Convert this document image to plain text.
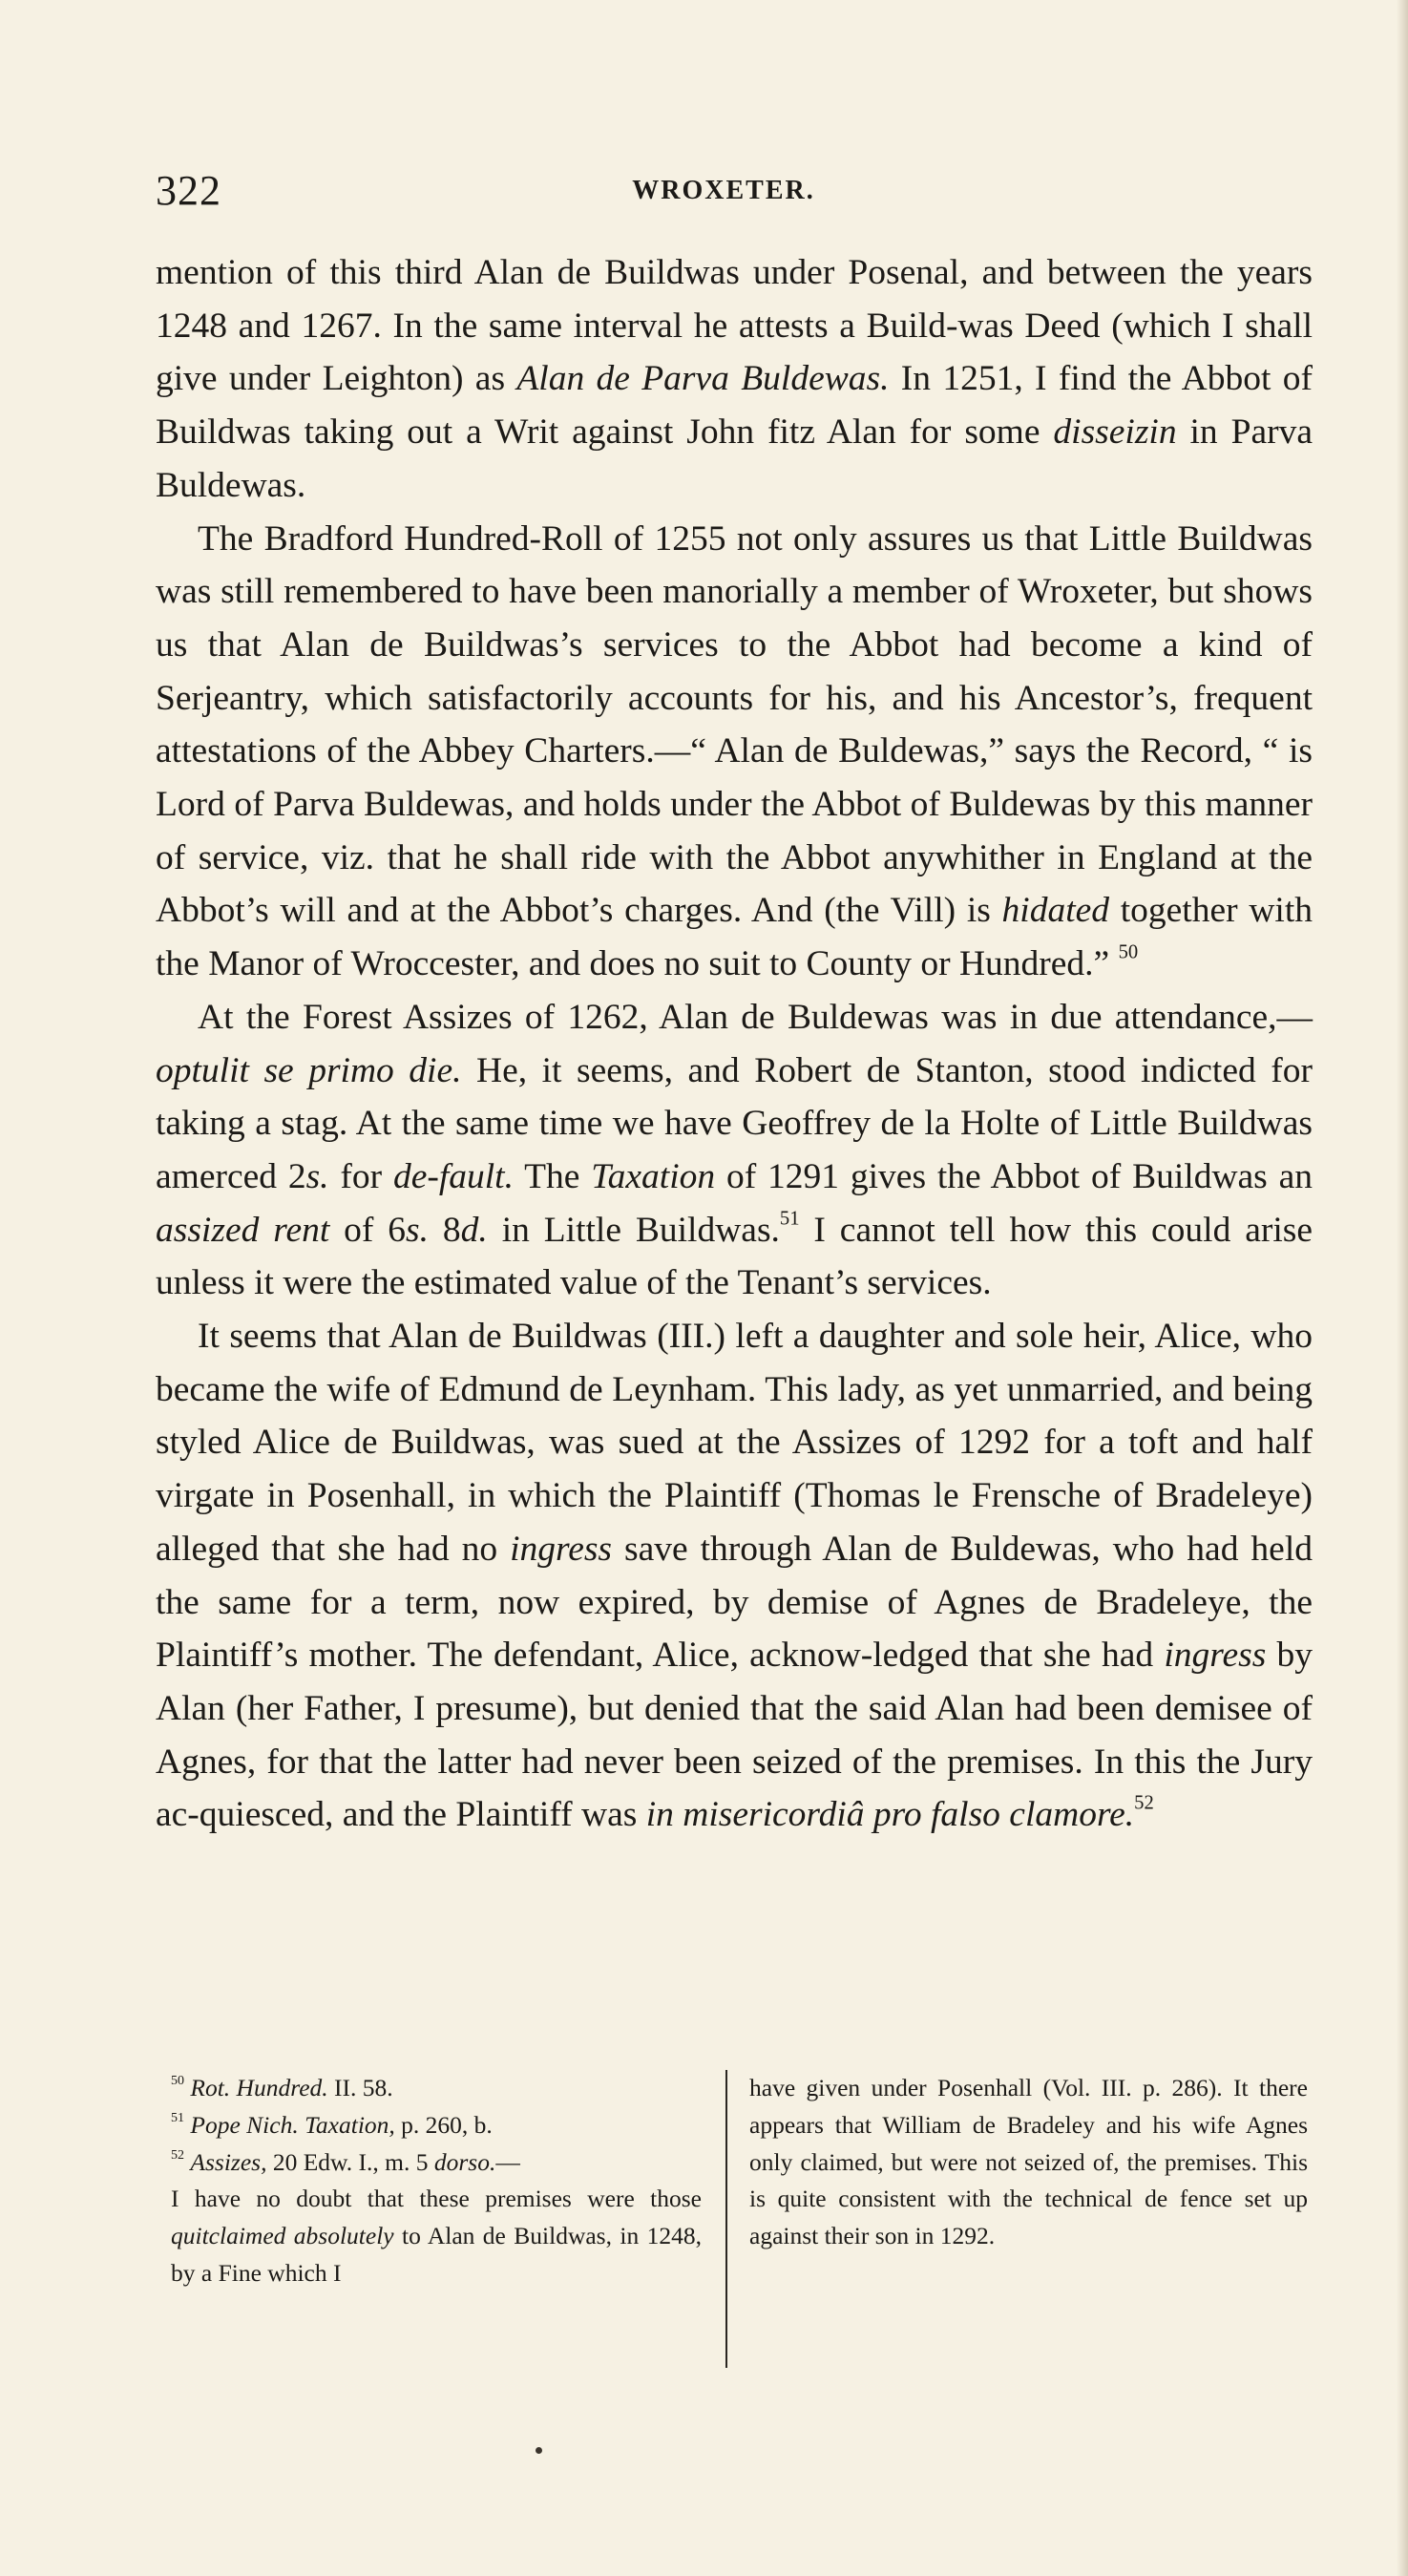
322	WROXETER.

mention of this third Alan de Buildwas under Posenal, and between the years 1248 and 1267. In the same interval he attests a Build-was Deed (which I shall give under Leighton) as Alan de Parva Buldewas. In 1251, I find the Abbot of Buildwas taking out a Writ against John fitz Alan for some disseizin in Parva Buldewas.

The Bradford Hundred-Roll of 1255 not only assures us that Little Buildwas was still remembered to have been manorially a member of Wroxeter, but shows us that Alan de Buildwas’s services to the Abbot had become a kind of Serjeantry, which satisfactorily accounts for his, and his Ancestor’s, frequent attestations of the Abbey Charters.—“ Alan de Buldewas,” says the Record, “ is Lord of Parva Buldewas, and holds under the Abbot of Buldewas by this manner of service, viz. that he shall ride with the Abbot anywhither in England at the Abbot’s will and at the Abbot’s charges. And (the Vill) is hidated together with the Manor of Wroccester, and does no suit to County or Hundred.” $^{50}$

At the Forest Assizes of 1262, Alan de Buldewas was in due attendance,—optulit se primo die. He, it seems, and Robert de Stanton, stood indicted for taking a stag. At the same time we have Geoffrey de la Holte of Little Buildwas amerced 2s. for de-fault. The Taxation of 1291 gives the Abbot of Buildwas an assized rent of 6s. 8d. in Little Buildwas.$^{51}$ I cannot tell how this could arise unless it were the estimated value of the Tenant’s services.

It seems that Alan de Buildwas (III.) left a daughter and sole heir, Alice, who became the wife of Edmund de Leynham. This lady, as yet unmarried, and being styled Alice de Buildwas, was sued at the Assizes of 1292 for a toft and half virgate in Posenhall, in which the Plaintiff (Thomas le Frensche of Bradeleye) alleged that she had no ingress save through Alan de Buldewas, who had held the same for a term, now expired, by demise of Agnes de Bradeleye, the Plaintiff’s mother. The defendant, Alice, acknow-ledged that she had ingress by Alan (her Father, I presume), but denied that the said Alan had been demisee of Agnes, for that the latter had never been seized of the premises. In this the Jury ac-quiesced, and the Plaintiff was in misericordiâ pro falso clamore.$^{52}$

$^{50}$ Rot. Hundred. II. 58.
$^{51}$ Pope Nich. Taxation, p. 260, b.
$^{52}$ Assizes, 20 Edw. I., m. 5 dorso.—
I have no doubt that these premises were those quitclaimed absolutely to Alan de Buildwas, in 1248, by a Fine which I
have given under Posenhall (Vol. III. p. 286). It there appears that William de Bradeley and his wife Agnes only claimed, but were not seized of, the premises. This is quite consistent with the technical de fence set up against their son in 1292.
